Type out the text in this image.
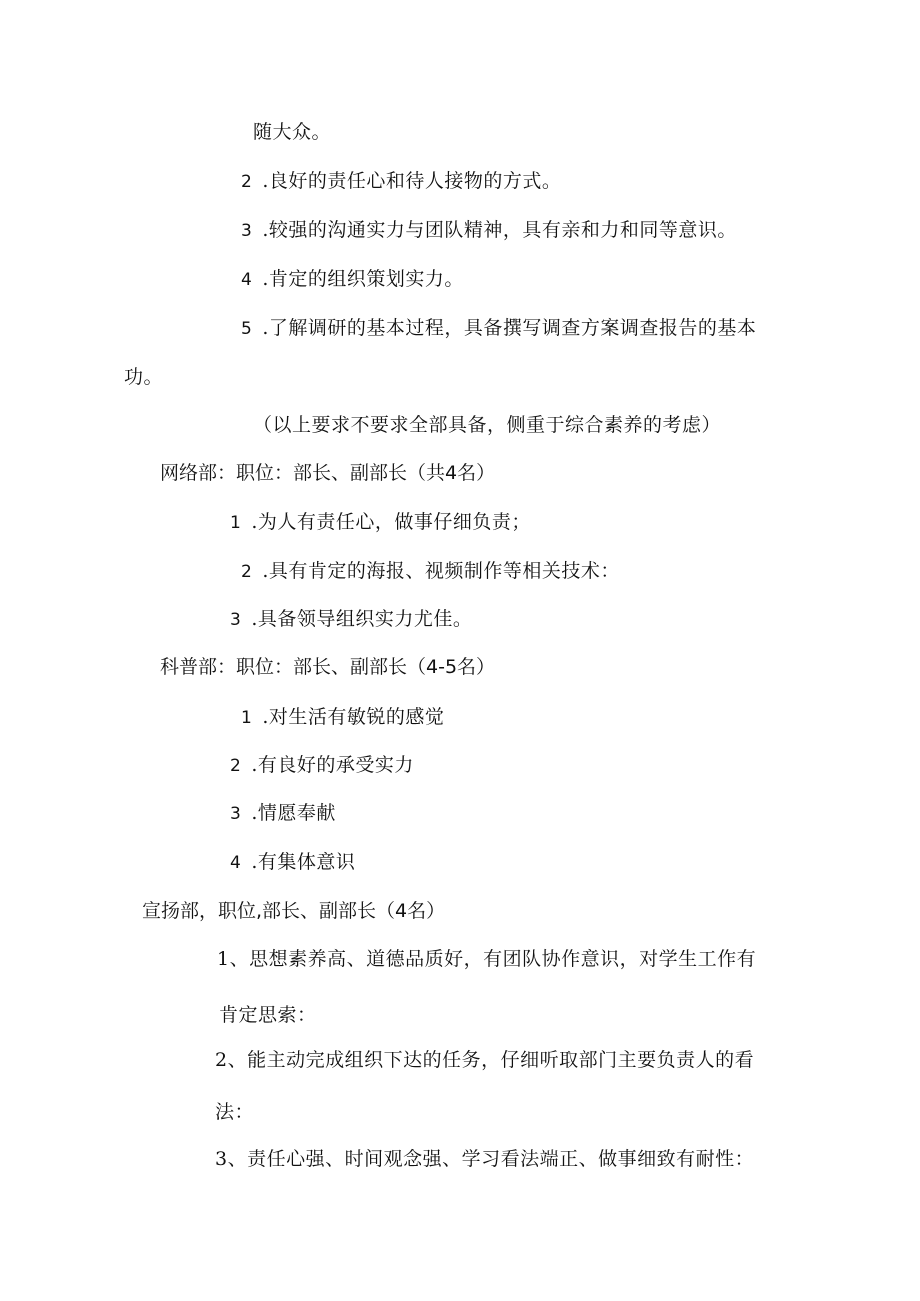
随大众。
2 .良好的责任心和待人接物的方式。
3 .较强的沟通实力与团队精神，具有亲和力和同等意识。
4 .肯定的组织策划实力。
5 .了解调研的基本过程，具备撰写调查方案调查报告的基本
功。
（以上要求不要求全部具备，侧重于综合素养的考虑）
网络部：职位：部长、副部长（共4名）
1 .为人有责任心，做事仔细负责；
2 .具有肯定的海报、视频制作等相关技术：
3 .具备领导组织实力尤佳。
科普部：职位：部长、副部长（4-5名）
1 .对生活有敏锐的感觉
2 .有良好的承受实力
3 .情愿奉献
4 .有集体意识
宣扬部，职位,部长、副部长（4名）
1、思想素养高、道德品质好，有团队协作意识，对学生工作有
肯定思索：
2、能主动完成组织下达的任务，仔细听取部门主要负责人的看
法：
3、责任心强、时间观念强、学习看法端正、做事细致有耐性：
